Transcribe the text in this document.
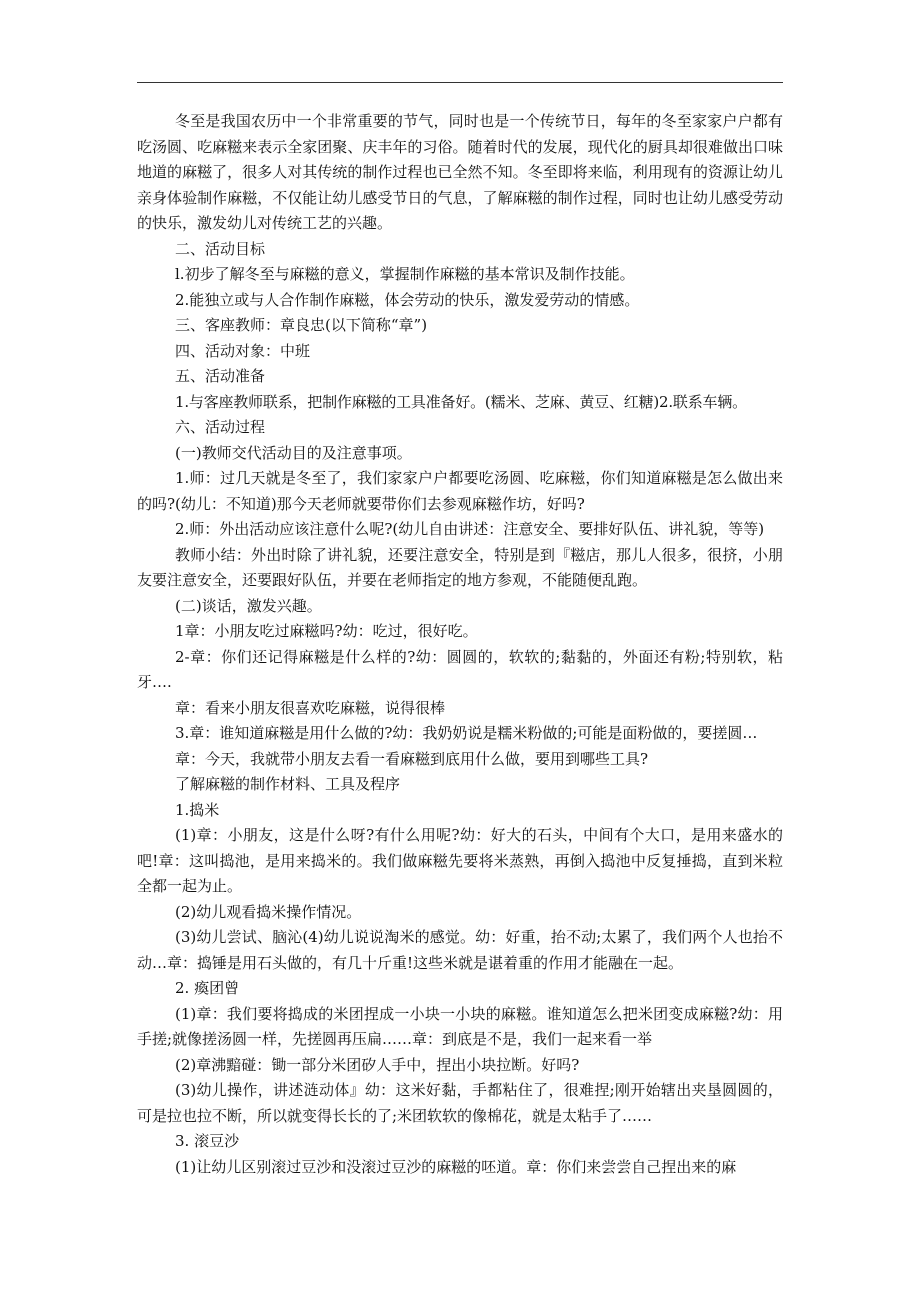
冬至是我国农历中一个非常重要的节气，同时也是一个传统节日，每年的冬至家家户户都有吃汤圆、吃麻糍来表示全家团聚、庆丰年的习俗。随着时代的发展，现代化的厨具却很难做出口味地道的麻糍了，很多人对其传统的制作过程也已全然不知。冬至即将来临，利用现有的资源让幼儿亲身体验制作麻糍，不仅能让幼儿感受节日的气息，了解麻糍的制作过程，同时也让幼儿感受劳动的快乐，激发幼儿对传统工艺的兴趣。

二、活动目标

l.初步了解冬至与麻糍的意义，掌握制作麻糍的基本常识及制作技能。

2.能独立或与人合作制作麻糍，体会劳动的快乐，激发爱劳动的情感。

三、客座教师：章良忠(以下简称“章”)

四、活动对象：中班

五、活动准备

1.与客座教师联系，把制作麻糍的工具准备好。(糯米、芝麻、黄豆、红糖)2.联系车辆。

六、活动过程

(一)教师交代活动目的及注意事项。

1.师：过几天就是冬至了，我们家家户户都要吃汤圆、吃麻糍，你们知道麻糍是怎么做出来的吗?(幼儿：不知道)那今天老师就要带你们去参观麻糍作坊，好吗?

2.师：外出活动应该注意什么呢?(幼儿自由讲述：注意安全、要排好队伍、讲礼貌，等等)

教师小结：外出时除了讲礼貌，还要注意安全，特别是到『糍店，那儿人很多，很挤，小朋友要注意安全，还要跟好队伍，并要在老师指定的地方参观，不能随便乱跑。

(二)谈话，激发兴趣。

1章：小朋友吃过麻糍吗?幼：吃过，很好吃。

2-章：你们还记得麻糍是什么样的?幼：圆圆的，软软的;黏黏的，外面还有粉;特别软，粘牙….

章：看来小朋友很喜欢吃麻糍，说得很棒

3.章：谁知道麻糍是用什么做的?幼：我奶奶说是糯米粉做的;可能是面粉做的，要搓圆…

章：今天，我就带小朋友去看一看麻糍到底用什么做，要用到哪些工具?

了解麻糍的制作材料、工具及程序

1.捣米

(1)章：小朋友，这是什么呀?有什么用呢?幼：好大的石头，中间有个大口，是用来盛水的吧!章：这叫捣池，是用来捣米的。我们做麻糍先要将米蒸熟，再倒入捣池中反复捶捣，直到米粒全都一起为止。

(2)幼儿观看捣米操作情况。

(3)幼儿尝试、脑沁(4)幼儿说说淘米的感觉。幼：好重，抬不动;太累了，我们两个人也抬不动…章：捣锤是用石头做的，有几十斤重!这些米就是谌着重的作用才能融在一起。

2. 瘓团曾

(1)章：我们要将捣成的米团捏成一小块一小块的麻糍。谁知道怎么把米团变成麻糍?幼：用手搓;就像搓汤圆一样，先搓圆再压扁……章：到底是不是，我们一起来看一举

(2)章沸黯碰：锄一部分米团矽人手中，捏出小块拉断。好吗?

(3)幼儿操作，讲述涟动体』幼：这米好黏，手都粘住了，很难捏;刚开始辖出夹垦圆圆的，可是拉也拉不断，所以就变得长长的了;米团软软的像棉花，就是太粘手了……

3. 滚豆沙

(1)让幼儿区别滚过豆沙和没滚过豆沙的麻糍的呸道。章：你们来尝尝自己捏出来的麻
